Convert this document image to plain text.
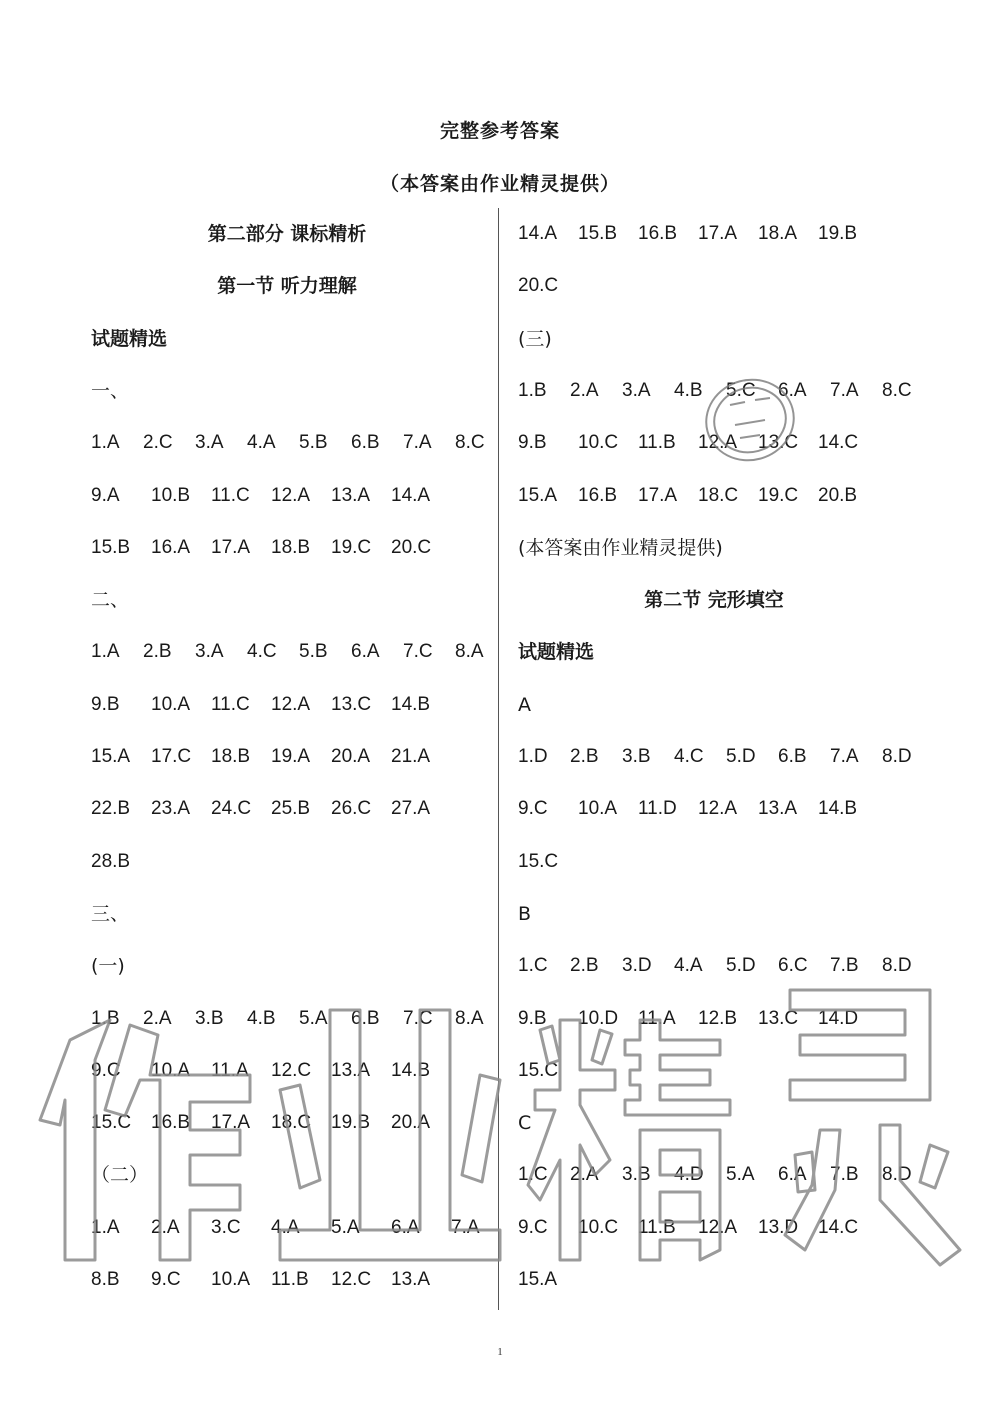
完整参考答案
（本答案由作业精灵提供）
第二部分 课标精析
第一节 听力理解
试题精选
一、
1.A 2.C 3.A 4.A 5.B 6.B 7.A 8.C
9.A 10.B 11.C 12.A 13.A 14.A
15.B 16.A 17.A 18.B 19.C 20.C
二、
1.A 2.B 3.A 4.C 5.B 6.A 7.C 8.A
9.B 10.A 11.C 12.A 13.C 14.B
15.A 17.C 18.B 19.A 20.A 21.A
22.B 23.A 24.C 25.B 26.C 27.A
28.B
三、
(一)
1.B 2.A 3.B 4.B 5.A 6.B 7.C 8.A
9.C 10.A 11.A 12.C 13.A 14.B
15.C 16.B 17.A 18.C 19.B 20.A
（二）
1.A 2.A 3.C 4.A 5.A 6.A 7.A
8.B 9.C 10.A 11.B 12.C 13.A
14.A 15.B 16.B 17.A 18.A 19.B
20.C
(三)
1.B 2.A 3.A 4.B 5.C 6.A 7.A 8.C
9.B 10.C 11.B 12.A 13.C 14.C
15.A 16.B 17.A 18.C 19.C 20.B
(本答案由作业精灵提供)
第二节 完形填空
试题精选
A
1.D 2.B 3.B 4.C 5.D 6.B 7.A 8.D
9.C 10.A 11.D 12.A 13.A 14.B
15.C
B
1.C 2.B 3.D 4.A 5.D 6.C 7.B 8.D
9.B 10.D 11.A 12.B 13.C 14.D
15.C
C
1.C 2.A 3.B 4.D 5.A 6.A 7.B 8.D
9.C 10.C 11.B 12.A 13.D 14.C
15.A
1
